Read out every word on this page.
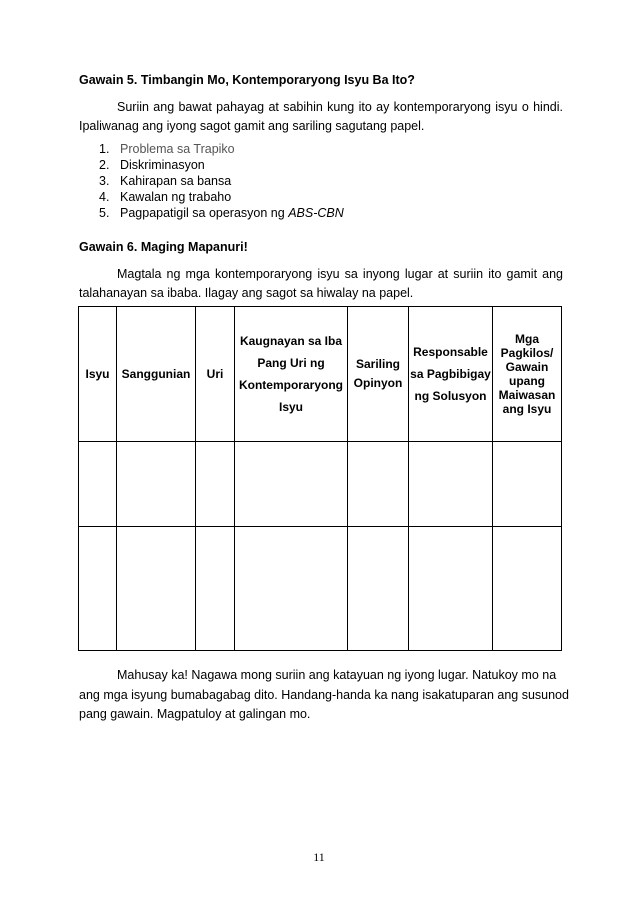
Gawain 5. Timbangin Mo, Kontemporaryong Isyu Ba Ito?
Suriin ang bawat pahayag at sabihin kung ito ay kontemporaryong isyu o hindi. Ipaliwanag ang iyong sagot gamit ang sariling sagutang papel.
1. Problema sa Trapiko
2. Diskriminasyon
3. Kahirapan sa bansa
4. Kawalan ng trabaho
5. Pagpapatigil sa operasyon ng ABS-CBN
Gawain 6. Maging Mapanuri!
Magtala ng mga kontemporaryong isyu sa inyong lugar at suriin ito gamit ang talahanayan sa ibaba. Ilagay ang sagot sa hiwalay na papel.
Isyu	Sanggunian	Uri	Kaugnayan sa Iba Pang Uri ng Kontemporaryong Isyu	Sariling Opinyon	Responsable sa Pagbibigay ng Solusyon	Mga Pagkilos/ Gawain upang Maiwasan ang Isyu

Mahusay ka! Nagawa mong suriin ang katayuan ng iyong lugar. Natukoy mo na ang mga isyung bumabagabag dito. Handang-handa ka nang isakatuparan ang susunod pang gawain. Magpatuloy at galingan mo.
11
